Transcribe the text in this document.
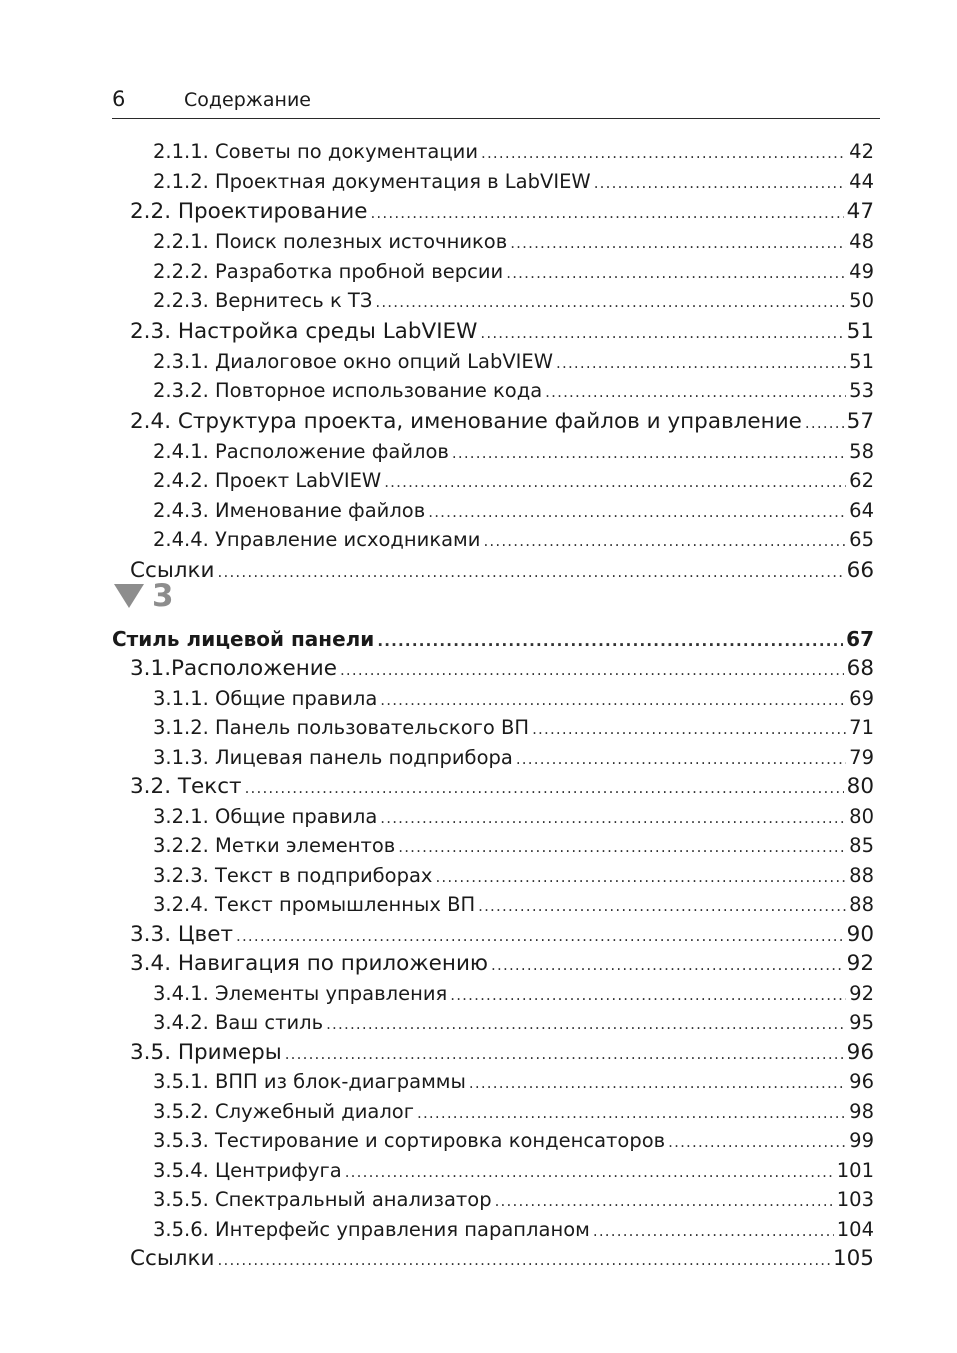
6	Содержание
2.1.1. Советы по документации .....	42
2.1.2. Проектная документация в LabVIEW .....	44
2.2. Проектирование .....	47
2.2.1. Поиск полезных источников .....	48
2.2.2. Разработка пробной версии .....	49
2.2.3. Вернитесь к ТЗ .....	50
2.3. Настройка среды LabVIEW .....	51
2.3.1. Диалоговое окно опций LabVIEW .....	51
2.3.2. Повторное использование кода .....	53
2.4. Структура проекта, именование файлов и управление ..... 57
2.4.1. Расположение файлов .....	58
2.4.2. Проект LabVIEW .....	62
2.4.3. Именование файлов .....	64
2.4.4. Управление исходниками .....	65
Ссылки .....	66
3
Стиль лицевой панели .....	67
3.1.Расположение .....	68
3.1.1. Общие правила .....	69
3.1.2. Панель пользовательского ВП .....	71
3.1.3. Лицевая панель подприбора .....	79
3.2. Текст .....	80
3.2.1. Общие правила .....	80
3.2.2. Метки элементов .....	85
3.2.3. Текст в подприборах .....	88
3.2.4. Текст промышленных ВП .....	88
3.3. Цвет .....	90
3.4. Навигация по приложению .....	92
3.4.1. Элементы управления .....	92
3.4.2. Ваш стиль .....	95
3.5. Примеры .....	96
3.5.1. ВПП из блок-диаграммы .....	96
3.5.2. Служебный диалог .....	98
3.5.3. Тестирование и сортировка конденсаторов .....	99
3.5.4. Центрифуга .....	101
3.5.5. Спектральный анализатор .....	103
3.5.6. Интерфейс управления парапланом .....	104
Ссылки .....	105
